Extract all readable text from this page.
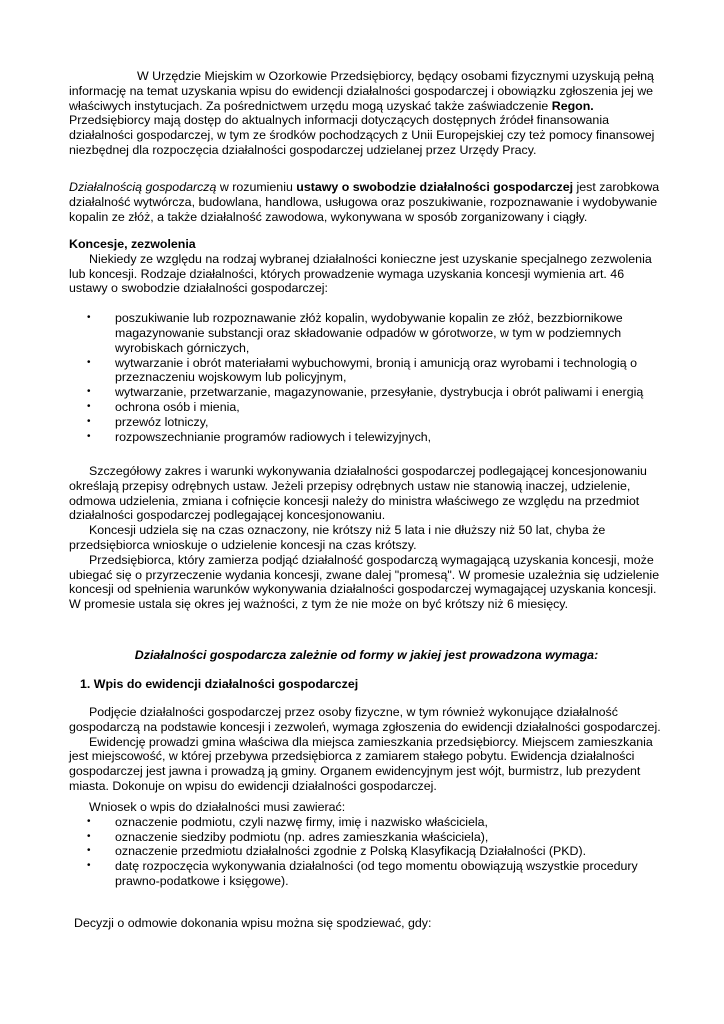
W Urzędzie Miejskim w Ozorkowie Przedsiębiorcy, będący osobami fizycznymi uzyskują pełną informację na temat uzyskania wpisu do ewidencji działalności gospodarczej i obowiązku zgłoszenia jej we właściwych instytucjach. Za pośrednictwem urzędu mogą uzyskać także zaświadczenie Regon. Przedsiębiorcy mają dostęp do aktualnych informacji dotyczących dostępnych źródeł finansowania działalności gospodarczej, w tym ze środków pochodzących z Unii Europejskiej czy też pomocy finansowej niezbędnej dla rozpoczęcia działalności gospodarczej udzielanej przez Urzędy Pracy.

Działalnością gospodarczą w rozumieniu ustawy o swobodzie działalności gospodarczej jest zarobkowa działalność wytwórcza, budowlana, handlowa, usługowa oraz poszukiwanie, rozpoznawanie i wydobywanie kopalin ze złóż, a także działalność zawodowa, wykonywana w sposób zorganizowany i ciągły.

Koncesje, zezwolenia

Niekiedy ze względu na rodzaj wybranej działalności konieczne jest uzyskanie specjalnego zezwolenia lub koncesji. Rodzaje działalności, których prowadzenie wymaga uzyskania koncesji wymienia art. 46 ustawy o swobodzie działalności gospodarczej:

• poszukiwanie lub rozpoznawanie złóż kopalin, wydobywanie kopalin ze złóż, bezzbiornikowe magazynowanie substancji oraz składowanie odpadów w górotworze, w tym w podziemnych wyrobiskach górniczych,
• wytwarzanie i obrót materiałami wybuchowymi, bronią i amunicją oraz wyrobami i technologią o przeznaczeniu wojskowym lub policyjnym,
• wytwarzanie, przetwarzanie, magazynowanie, przesyłanie, dystrybucja i obrót paliwami i energią
• ochrona osób i mienia,
• przewóz lotniczy,
• rozpowszechnianie programów radiowych i telewizyjnych,

Szczegółowy zakres i warunki wykonywania działalności gospodarczej podlegającej koncesjonowaniu określają przepisy odrębnych ustaw. Jeżeli przepisy odrębnych ustaw nie stanowią inaczej, udzielenie, odmowa udzielenia, zmiana i cofnięcie koncesji należy do ministra właściwego ze względu na przedmiot działalności gospodarczej podlegającej koncesjonowaniu.

Koncesji udziela się na czas oznaczony, nie krótszy niż 5 lata i nie dłuższy niż 50 lat, chyba że przedsiębiorca wnioskuje o udzielenie koncesji na czas krótszy.

Przedsiębiorca, który zamierza podjąć działalność gospodarczą wymagającą uzyskania koncesji, może ubiegać się o przyrzeczenie wydania koncesji, zwane dalej "promesą". W promesie uzależnia się udzielenie koncesji od spełnienia warunków wykonywania działalności gospodarczej wymagającej uzyskania koncesji. W promesie ustala się okres jej ważności, z tym że nie może on być krótszy niż 6 miesięcy.

Działalności gospodarcza zależnie od formy w jakiej jest prowadzona wymaga:

1. Wpis do ewidencji działalności gospodarczej

Podjęcie działalności gospodarczej przez osoby fizyczne, w tym również wykonujące działalność gospodarczą na podstawie koncesji i zezwoleń, wymaga zgłoszenia do ewidencji działalności gospodarczej.

Ewidencję prowadzi gmina właściwa dla miejsca zamieszkania przedsiębiorcy. Miejscem zamieszkania jest miejscowość, w której przebywa przedsiębiorca z zamiarem stałego pobytu. Ewidencja działalności gospodarczej jest jawna i prowadzą ją gminy. Organem ewidencyjnym jest wójt, burmistrz, lub prezydent miasta. Dokonuje on wpisu do ewidencji działalności gospodarczej.

Wniosek o wpis do działalności musi zawierać:

• oznaczenie podmiotu, czyli nazwę firmy, imię i nazwisko właściciela,
• oznaczenie siedziby podmiotu (np. adres zamieszkania właściciela),
• oznaczenie przedmiotu działalności zgodnie z Polską Klasyfikacją Działalności (PKD).
• datę rozpoczęcia wykonywania działalności (od tego momentu obowiązują wszystkie procedury prawno-podatkowe i księgowe).

Decyzji o odmowie dokonania wpisu można się spodziewać, gdy:
